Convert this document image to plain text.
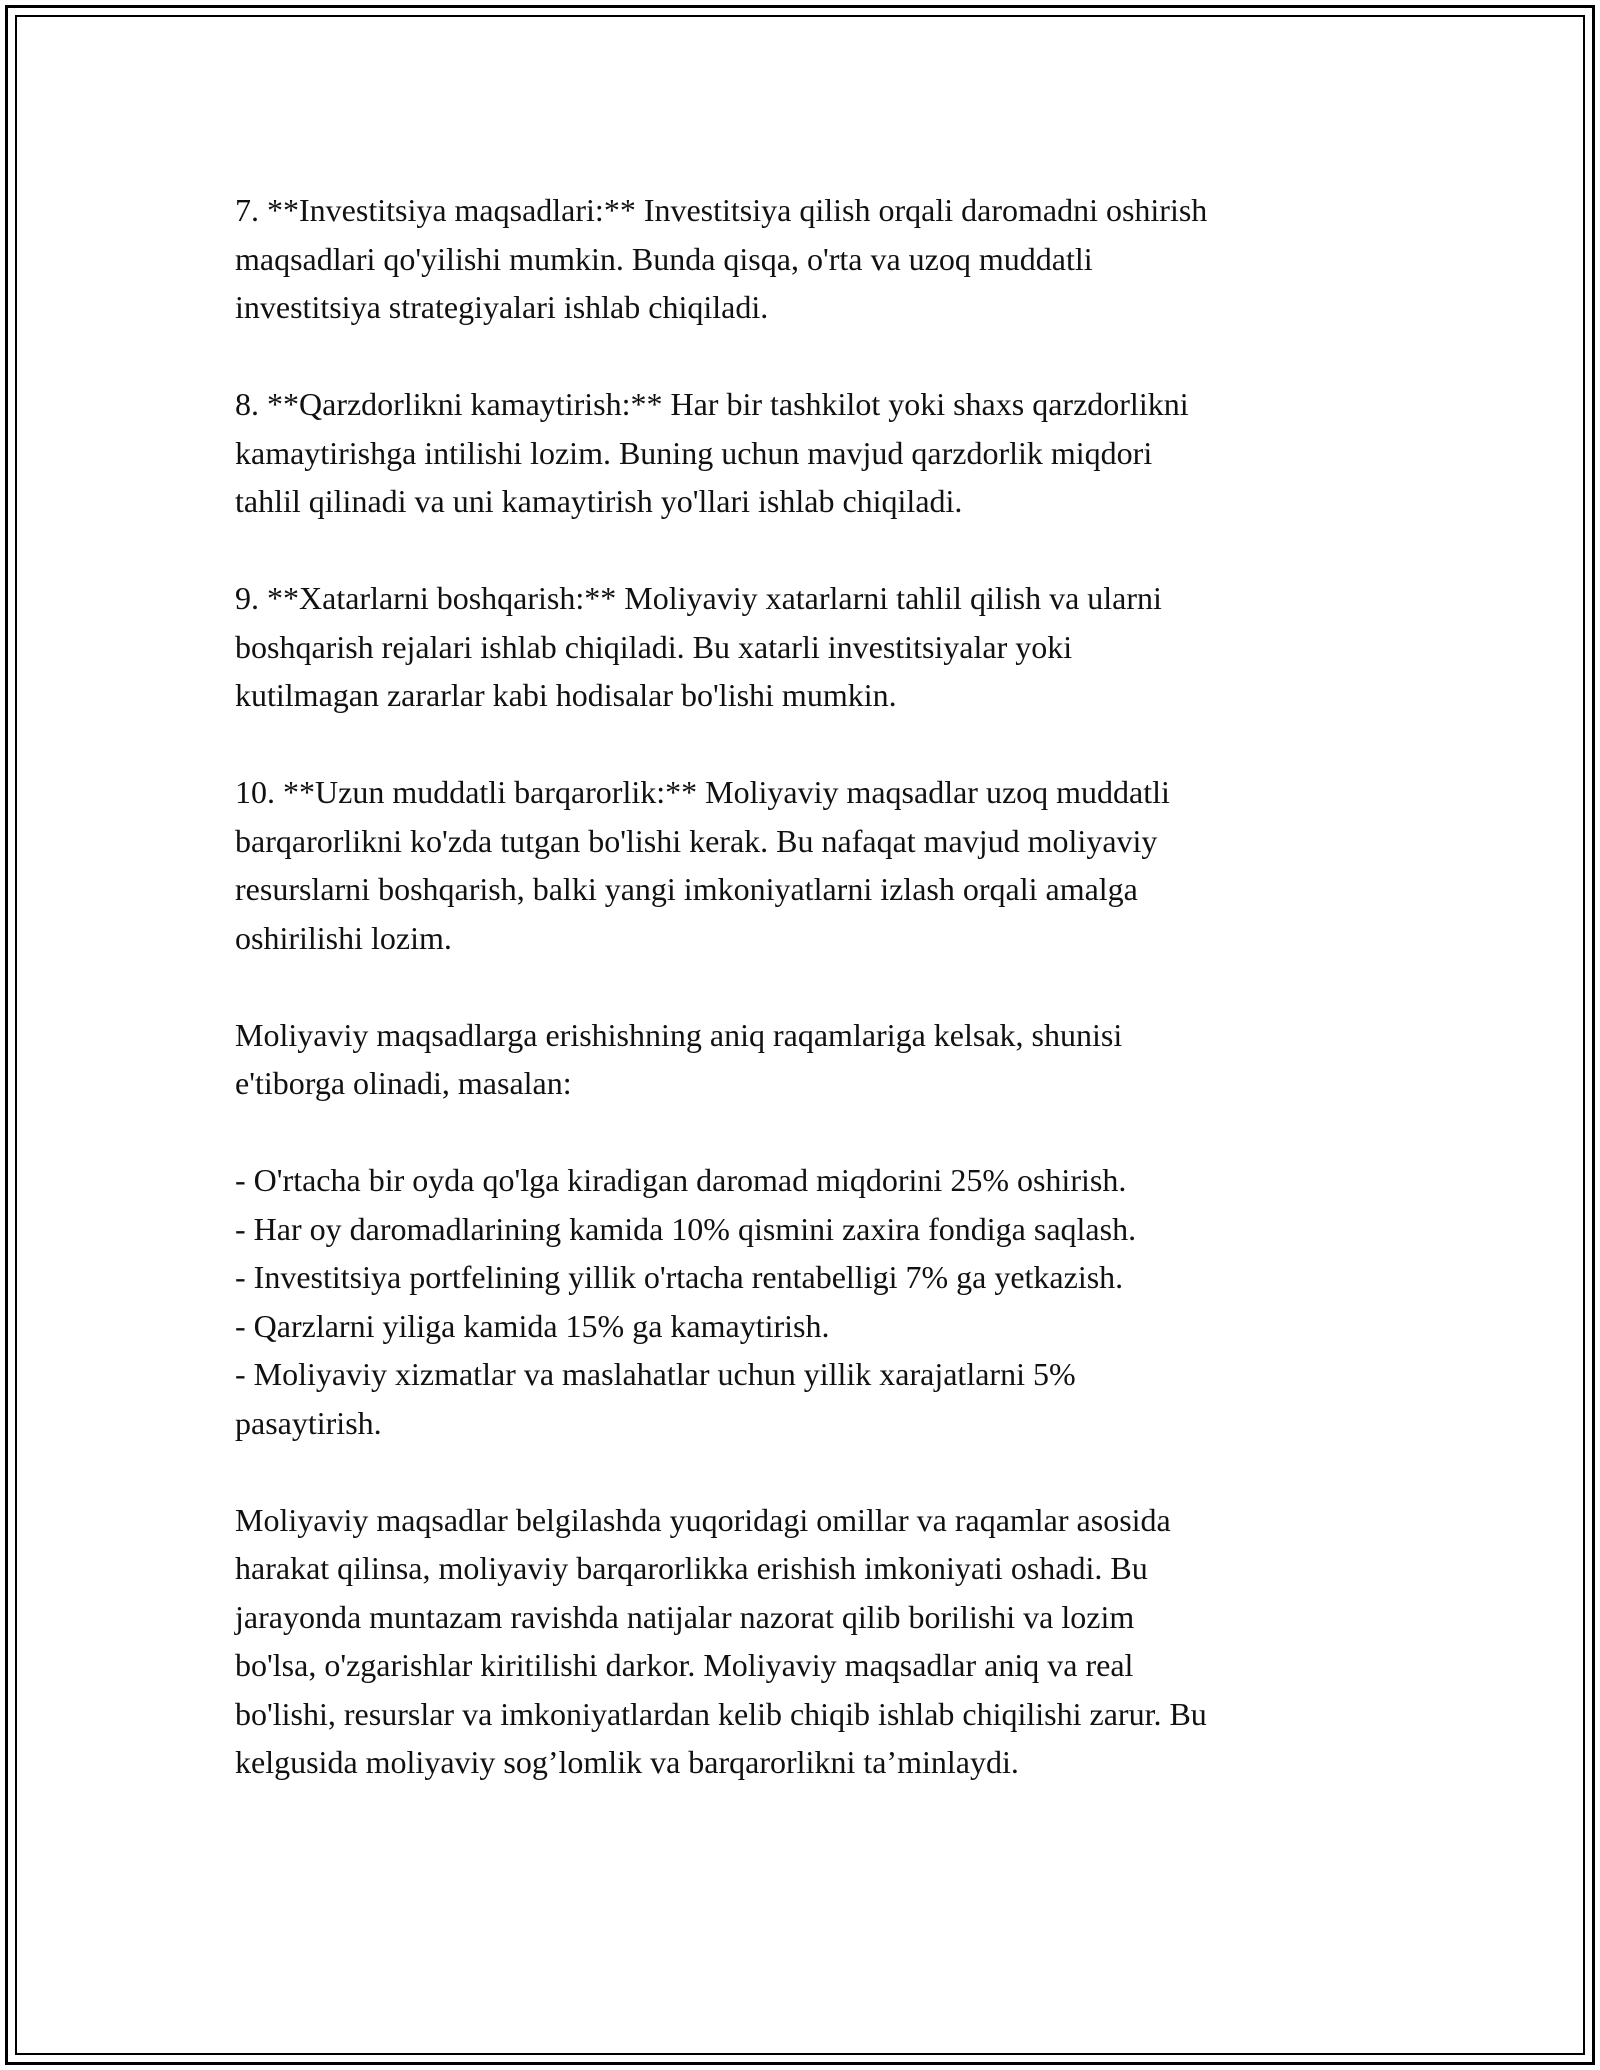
7. **Investitsiya maqsadlari:** Investitsiya qilish orqali daromadni oshirish
maqsadlari qo'yilishi mumkin. Bunda qisqa, o'rta va uzoq muddatli
investitsiya strategiyalari ishlab chiqiladi.

8. **Qarzdorlikni kamaytirish:** Har bir tashkilot yoki shaxs qarzdorlikni
kamaytirishga intilishi lozim. Buning uchun mavjud qarzdorlik miqdori
tahlil qilinadi va uni kamaytirish yo'llari ishlab chiqiladi.

9. **Xatarlarni boshqarish:** Moliyaviy xatarlarni tahlil qilish va ularni
boshqarish rejalari ishlab chiqiladi. Bu xatarli investitsiyalar yoki
kutilmagan zararlar kabi hodisalar bo'lishi mumkin.

10. **Uzun muddatli barqarorlik:** Moliyaviy maqsadlar uzoq muddatli
barqarorlikni ko'zda tutgan bo'lishi kerak. Bu nafaqat mavjud moliyaviy
resurslarni boshqarish, balki yangi imkoniyatlarni izlash orqali amalga
oshirilishi lozim.

Moliyaviy maqsadlarga erishishning aniq raqamlariga kelsak, shunisi
e'tiborga olinadi, masalan:

- O'rtacha bir oyda qo'lga kiradigan daromad miqdorini 25% oshirish.
- Har oy daromadlarining kamida 10% qismini zaxira fondiga saqlash.
- Investitsiya portfelining yillik o'rtacha rentabelligi 7% ga yetkazish.
- Qarzlarni yiliga kamida 15% ga kamaytirish.
- Moliyaviy xizmatlar va maslahatlar uchun yillik xarajatlarni 5%
pasaytirish.

Moliyaviy maqsadlar belgilashda yuqoridagi omillar va raqamlar asosida
harakat qilinsa, moliyaviy barqarorlikka erishish imkoniyati oshadi. Bu
jarayonda muntazam ravishda natijalar nazorat qilib borilishi va lozim
bo'lsa, o'zgarishlar kiritilishi darkor. Moliyaviy maqsadlar aniq va real
bo'lishi, resurslar va imkoniyatlardan kelib chiqib ishlab chiqilishi zarur. Bu
kelgusida moliyaviy sog’lomlik va barqarorlikni ta’minlaydi.
